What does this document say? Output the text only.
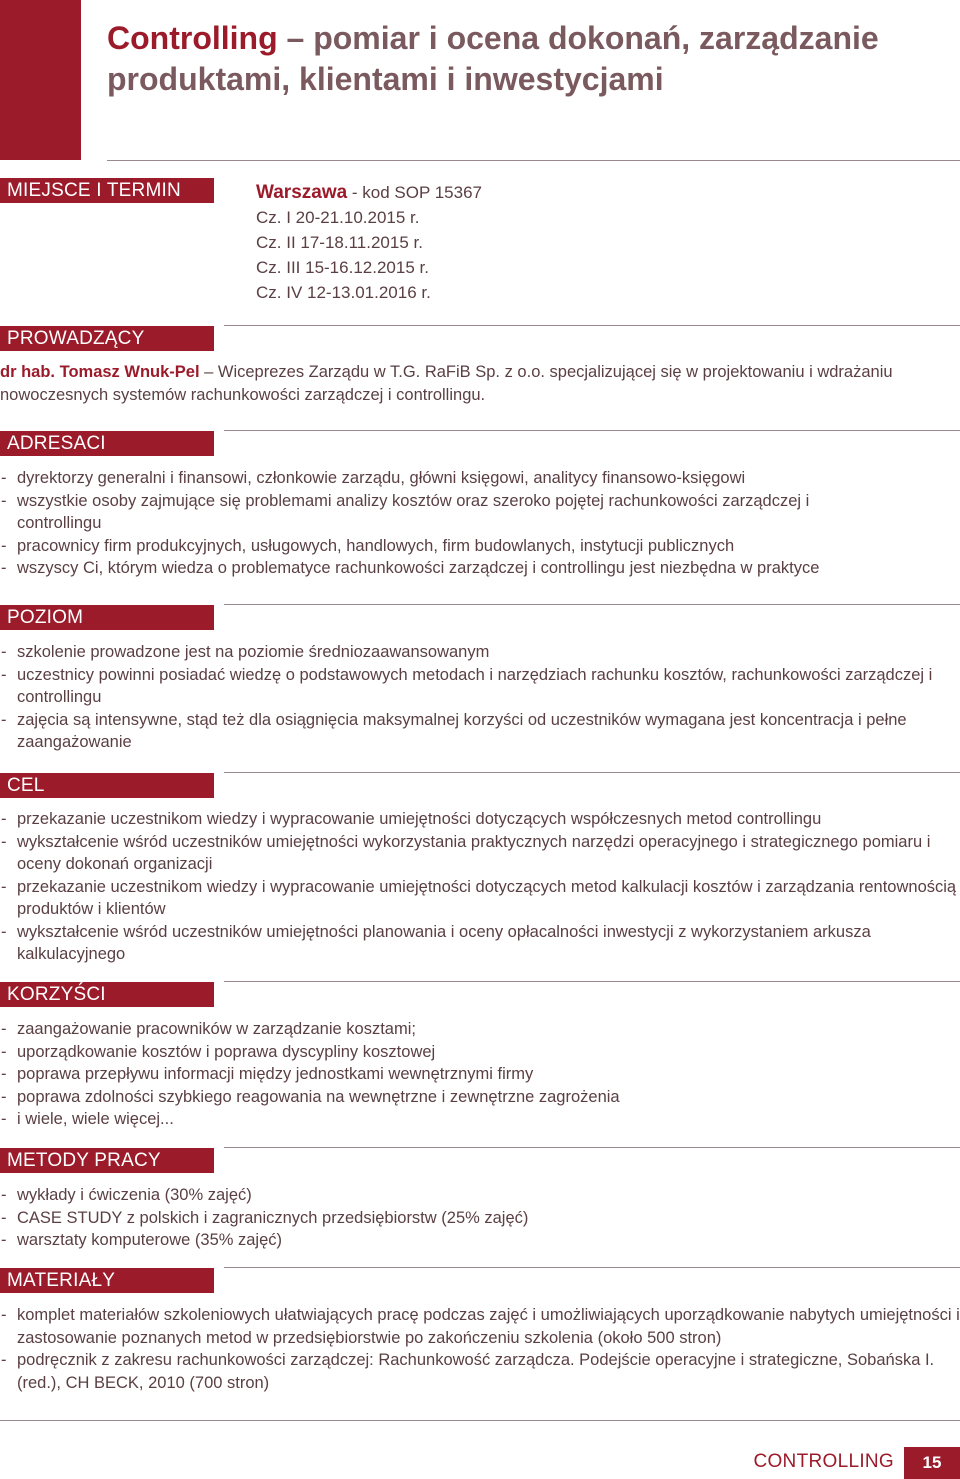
Controlling – pomiar i ocena dokonań, zarządzanie produktami, klientami i inwestycjami
MIEJSCE I TERMIN	Warszawa - kod SOP 15367
Cz. I 20-21.10.2015 r.
Cz. II 17-18.11.2015 r.
Cz. III 15-16.12.2015 r.
Cz. IV 12-13.01.2016 r.
PROWADZĄCY

dr hab. Tomasz Wnuk-Pel – Wiceprezes Zarządu w T.G. RaFiB Sp. z o.o. specjalizującej się w projektowaniu i wdrażaniu nowoczesnych systemów rachunkowości zarządczej i controllingu.

ADRESACI
- dyrektorzy generalni i finansowi, członkowie zarządu, główni księgowi, analitycy finansowo-księgowi
- wszystkie osoby zajmujące się problemami analizy kosztów oraz szeroko pojętej rachunkowości zarządczej i controllingu
- pracownicy firm produkcyjnych, usługowych, handlowych, firm budowlanych, instytucji publicznych
- wszyscy Ci, którym wiedza o problematyce rachunkowości zarządczej i controllingu jest niezbędna w praktyce
POZIOM
- szkolenie prowadzone jest na poziomie średniozaawansowanym
- uczestnicy powinni posiadać wiedzę o podstawowych metodach i narzędziach rachunku kosztów, rachunkowości zarządczej i controllingu
- zajęcia są intensywne, stąd też dla osiągnięcia maksymalnej korzyści od uczestników wymagana jest koncentracja i pełne zaangażowanie
CEL
- przekazanie uczestnikom wiedzy i wypracowanie umiejętności dotyczących współczesnych metod controllingu
- wykształcenie wśród uczestników umiejętności wykorzystania praktycznych narzędzi operacyjnego i strategicznego pomiaru i oceny dokonań organizacji
- przekazanie uczestnikom wiedzy i wypracowanie umiejętności dotyczących metod kalkulacji kosztów i zarządzania rentownością produktów i klientów
- wykształcenie wśród uczestników umiejętności planowania i oceny opłacalności inwestycji z wykorzystaniem arkusza kalkulacyjnego
KORZYŚCI
- zaangażowanie pracowników w zarządzanie kosztami;
- uporządkowanie kosztów i poprawa dyscypliny kosztowej
- poprawa przepływu informacji między jednostkami wewnętrznymi firmy
- poprawa zdolności szybkiego reagowania na wewnętrzne i zewnętrzne zagrożenia
- i wiele, wiele więcej...
METODY PRACY
- wykłady i ćwiczenia (30% zajęć)
- CASE STUDY z polskich i zagranicznych przedsiębiorstw (25% zajęć)
- warsztaty komputerowe (35% zajęć)
MATERIAŁY
- komplet materiałów szkoleniowych ułatwiających pracę podczas zajęć i umożliwiających uporządkowanie nabytych umiejętności i zastosowanie poznanych metod w przedsiębiorstwie po zakończeniu szkolenia (około 500 stron)
- podręcznik z zakresu rachunkowości zarządczej: Rachunkowość zarządcza. Podejście operacyjne i strategiczne, Sobańska I. (red.), CH BECK, 2010 (700 stron)
CONTROLLING	15
